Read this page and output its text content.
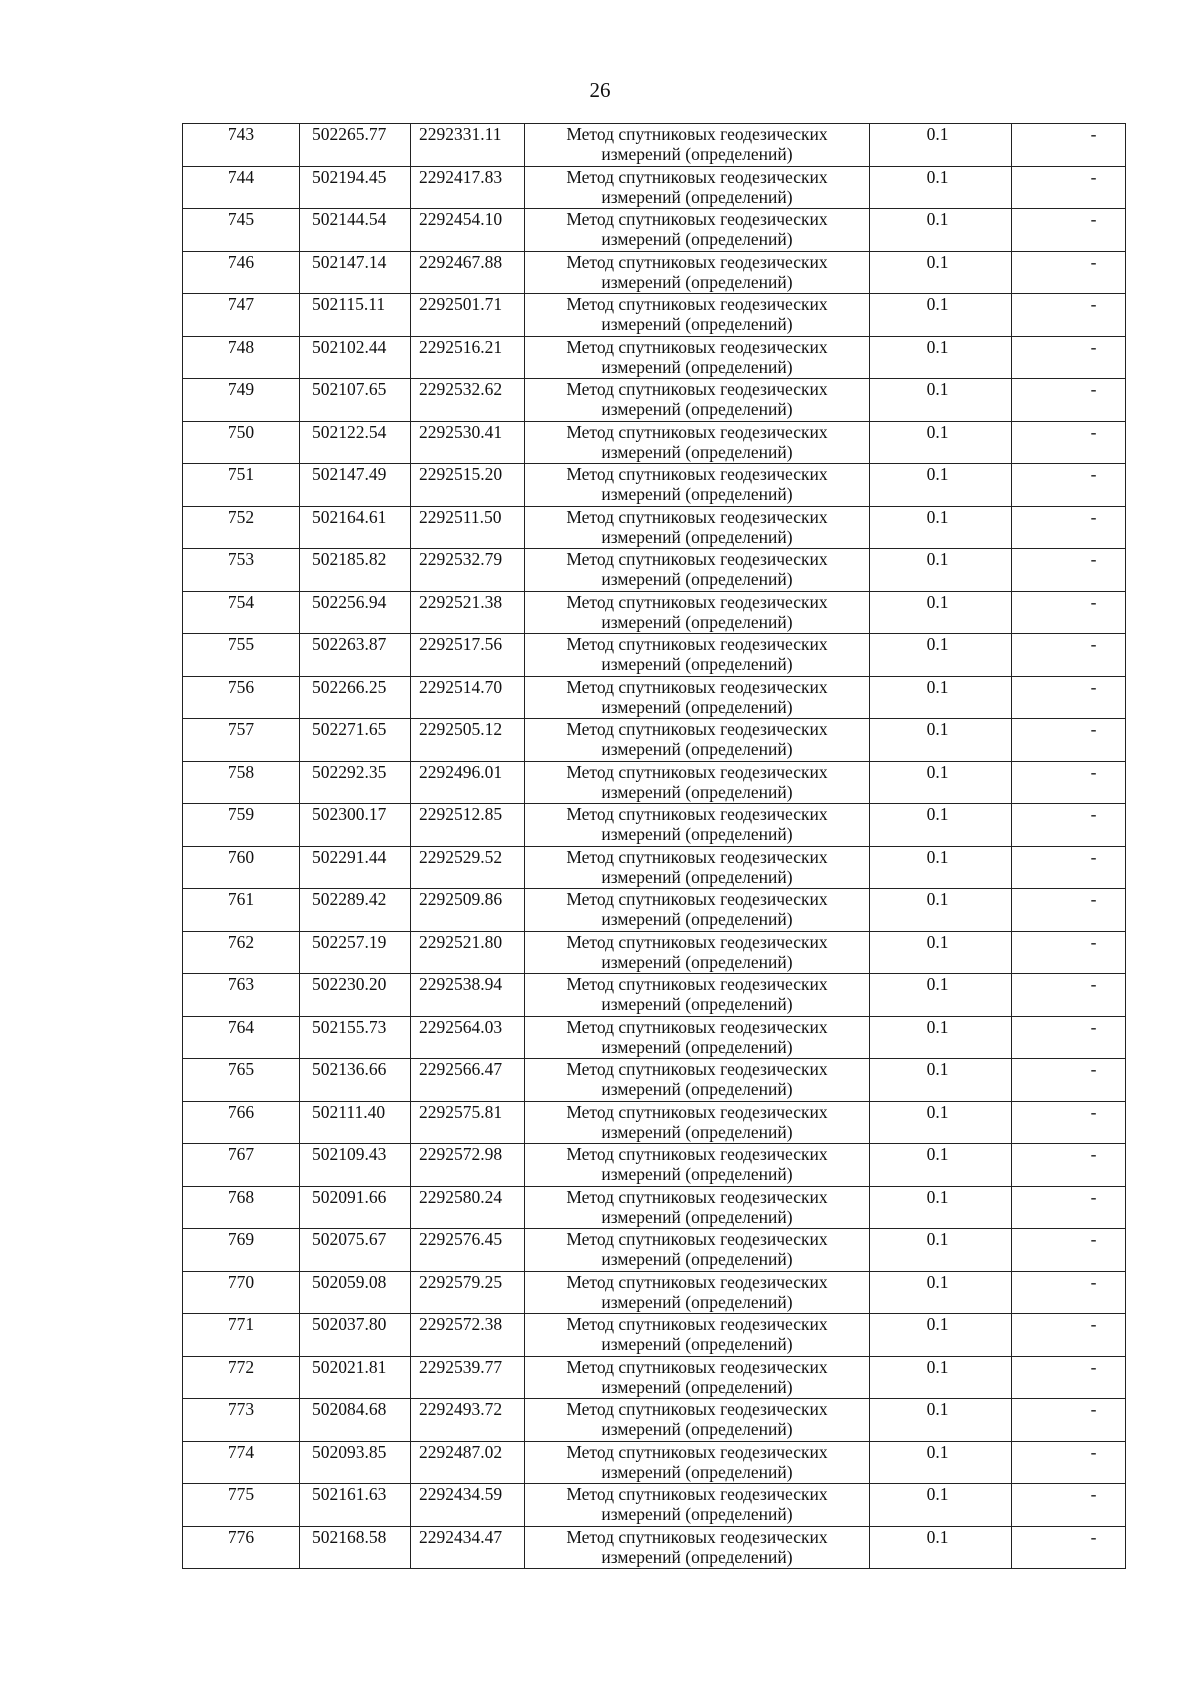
26
743	502265.77	2292331.11	Метод спутниковых геодезических
измерений (определений)	0.1	-
744	502194.45	2292417.83	Метод спутниковых геодезических
измерений (определений)	0.1	-
745	502144.54	2292454.10	Метод спутниковых геодезических
измерений (определений)	0.1	-
746	502147.14	2292467.88	Метод спутниковых геодезических
измерений (определений)	0.1	-
747	502115.11	2292501.71	Метод спутниковых геодезических
измерений (определений)	0.1	-
748	502102.44	2292516.21	Метод спутниковых геодезических
измерений (определений)	0.1	-
749	502107.65	2292532.62	Метод спутниковых геодезических
измерений (определений)	0.1	-
750	502122.54	2292530.41	Метод спутниковых геодезических
измерений (определений)	0.1	-
751	502147.49	2292515.20	Метод спутниковых геодезических
измерений (определений)	0.1	-
752	502164.61	2292511.50	Метод спутниковых геодезических
измерений (определений)	0.1	-
753	502185.82	2292532.79	Метод спутниковых геодезических
измерений (определений)	0.1	-
754	502256.94	2292521.38	Метод спутниковых геодезических
измерений (определений)	0.1	-
755	502263.87	2292517.56	Метод спутниковых геодезических
измерений (определений)	0.1	-
756	502266.25	2292514.70	Метод спутниковых геодезических
измерений (определений)	0.1	-
757	502271.65	2292505.12	Метод спутниковых геодезических
измерений (определений)	0.1	-
758	502292.35	2292496.01	Метод спутниковых геодезических
измерений (определений)	0.1	-
759	502300.17	2292512.85	Метод спутниковых геодезических
измерений (определений)	0.1	-
760	502291.44	2292529.52	Метод спутниковых геодезических
измерений (определений)	0.1	-
761	502289.42	2292509.86	Метод спутниковых геодезических
измерений (определений)	0.1	-
762	502257.19	2292521.80	Метод спутниковых геодезических
измерений (определений)	0.1	-
763	502230.20	2292538.94	Метод спутниковых геодезических
измерений (определений)	0.1	-
764	502155.73	2292564.03	Метод спутниковых геодезических
измерений (определений)	0.1	-
765	502136.66	2292566.47	Метод спутниковых геодезических
измерений (определений)	0.1	-
766	502111.40	2292575.81	Метод спутниковых геодезических
измерений (определений)	0.1	-
767	502109.43	2292572.98	Метод спутниковых геодезических
измерений (определений)	0.1	-
768	502091.66	2292580.24	Метод спутниковых геодезических
измерений (определений)	0.1	-
769	502075.67	2292576.45	Метод спутниковых геодезических
измерений (определений)	0.1	-
770	502059.08	2292579.25	Метод спутниковых геодезических
измерений (определений)	0.1	-
771	502037.80	2292572.38	Метод спутниковых геодезических
измерений (определений)	0.1	-
772	502021.81	2292539.77	Метод спутниковых геодезических
измерений (определений)	0.1	-
773	502084.68	2292493.72	Метод спутниковых геодезических
измерений (определений)	0.1	-
774	502093.85	2292487.02	Метод спутниковых геодезических
измерений (определений)	0.1	-
775	502161.63	2292434.59	Метод спутниковых геодезических
измерений (определений)	0.1	-
776	502168.58	2292434.47	Метод спутниковых геодезических
измерений (определений)	0.1	-
